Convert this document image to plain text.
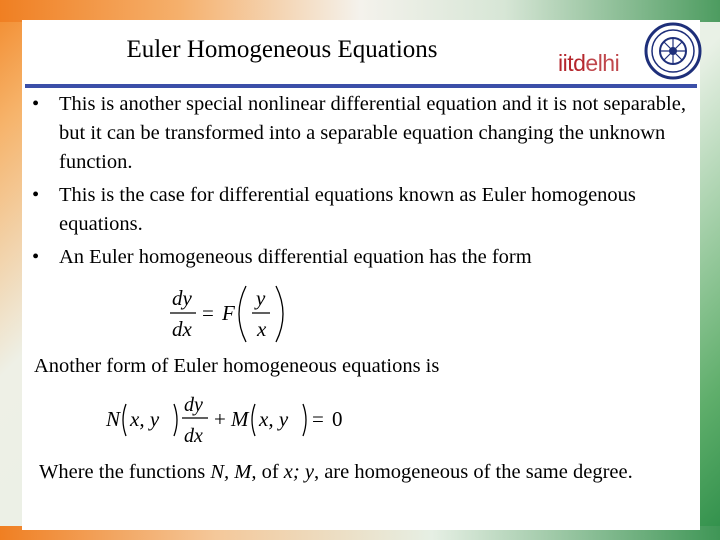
Euler Homogeneous Equations	iitdelhi
• This is another special nonlinear differential equation and it is not separable, but it can be transformed into a separable equation changing the unknown function.
• This is the case for differential equations known as Euler homogenous equations.
• An Euler homogeneous differential equation has the form
dy
dx
= F
y
x
Another form of Euler homogeneous equations is
N x, y
dy
dx
+ M x, y = 0
Where the functions N, M, of x; y, are homogeneous of the same degree.
